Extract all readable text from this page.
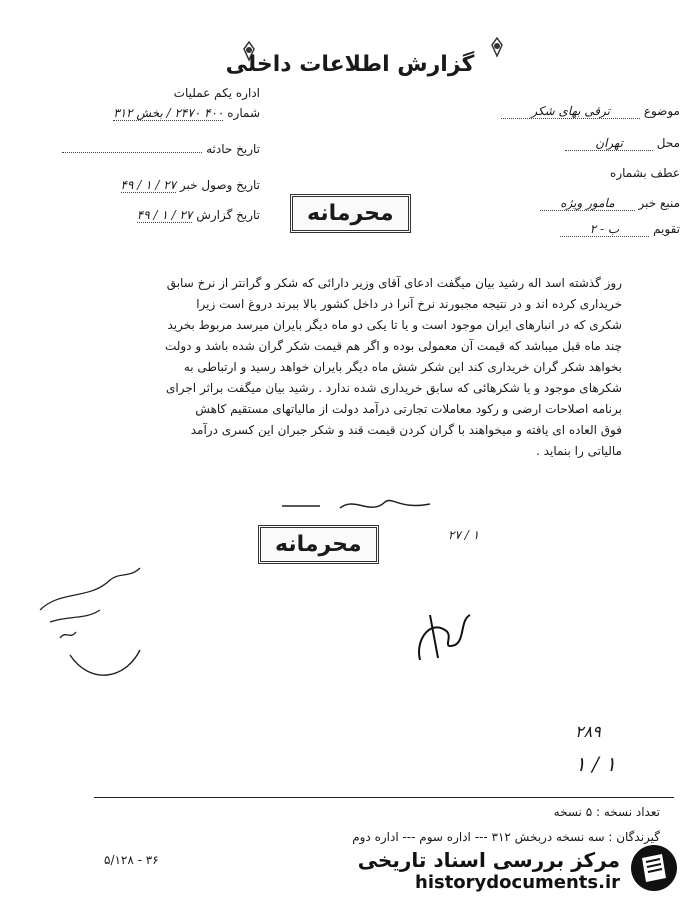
گزارش اطلاعات داخلی
اداره یکم عملیات
شماره ۴۰۰ ۲۴۷۰ / بخش ۳۱۲
تاریخ حادثه
تاریخ وصول خبر ۲۷ / ۱ / ۴۹
تاریخ گزارش ۲۷ / ۱ / ۴۹
موضوع ترقی بهای شکر
محل تهران
عطف بشماره
منبع خبر مامور ویژه
تقویم ب - ۲
محرمانه
روز گذشته اسد اله رشید بیان میگفت ادعای آقای وزیر دارائی که شکر و گرانتر از نرخ سابق
خریداری کرده اند و در نتیجه مجبورند نرخ آنرا در داخل کشور بالا ببرند دروغ است زیرا
شکری که در انبارهای ایران موجود است و یا تا یکی دو ماه دیگر بایران میرسد مربوط بخرید
چند ماه قبل میباشد که قیمت آن معمولی بوده و اگر هم قیمت شکر گران شده باشد و دولت
بخواهد شکر گران خریداری کند این شکر شش ماه دیگر بایران خواهد رسید و ارتباطی به
شکرهای موجود و یا شکرهائی که سابق خریداری شده ندارد . رشید بیان میگفت براثر اجرای
برنامه اصلاحات ارضی و رکود معاملات تجارتی درآمد دولت از مالیاتهای مستقیم کاهش
فوق العاده ای یافته و میخواهند با گران کردن قیمت قند و شکر جبران این کسری درآمد
مالیاتی را بنماید .
۲۷ / ۱
محرمانه
۲۸۹
۱ / ۱
تعداد نسخه : ۵ نسخه
گیرندگان : سه نسخه دربخش ۳۱۲ --- اداره سوم --- اداره دوم
۵/۱۲۸ - ۳۶	مرکز بررسی اسناد تاریخی
historydocuments.ir
